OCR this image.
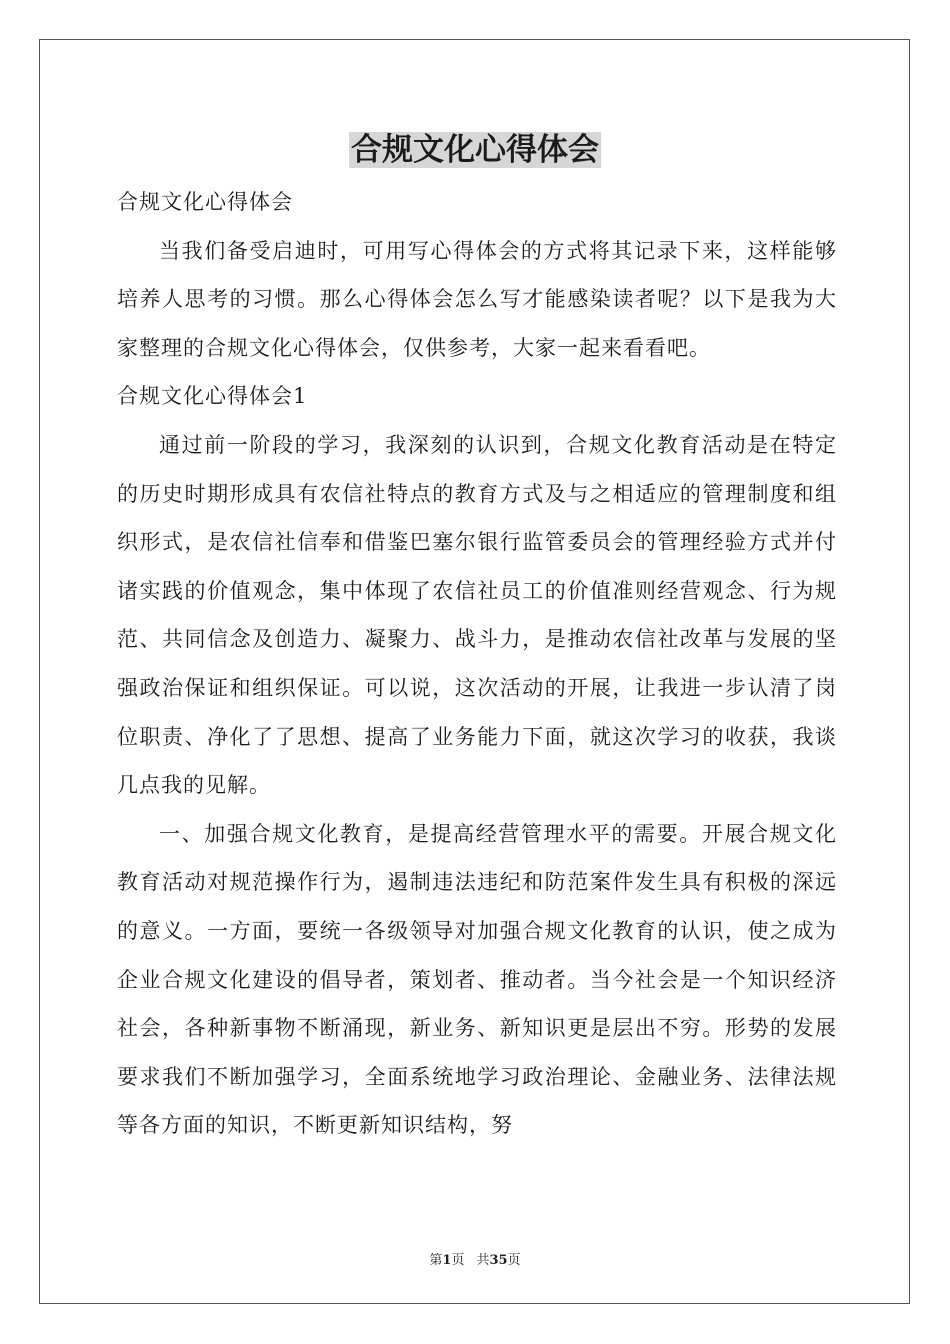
合规文化心得体会

合规文化心得体会

当我们备受启迪时，可用写心得体会的方式将其记录下来，这样能够培养人思考的习惯。那么心得体会怎么写才能感染读者呢？以下是我为大家整理的合规文化心得体会，仅供参考，大家一起来看看吧。

合规文化心得体会1

通过前一阶段的学习，我深刻的认识到，合规文化教育活动是在特定的历史时期形成具有农信社特点的教育方式及与之相适应的管理制度和组织形式，是农信社信奉和借鉴巴塞尔银行监管委员会的管理经验方式并付诸实践的价值观念，集中体现了农信社员工的价值准则经营观念、行为规范、共同信念及创造力、凝聚力、战斗力，是推动农信社改革与发展的坚强政治保证和组织保证。可以说，这次活动的开展，让我进一步认清了岗位职责、净化了了思想、提高了业务能力下面，就这次学习的收获，我谈几点我的见解。

一、加强合规文化教育，是提高经营管理水平的需要。开展合规文化教育活动对规范操作行为，遏制违法违纪和防范案件发生具有积极的深远的意义。一方面，要统一各级领导对加强合规文化教育的认识，使之成为企业合规文化建设的倡导者，策划者、推动者。当今社会是一个知识经济社会，各种新事物不断涌现，新业务、新知识更是层出不穷。形势的发展要求我们不断加强学习，全面系统地学习政治理论、金融业务、法律法规等各方面的知识，不断更新知识结构，努

第1页 共35页
